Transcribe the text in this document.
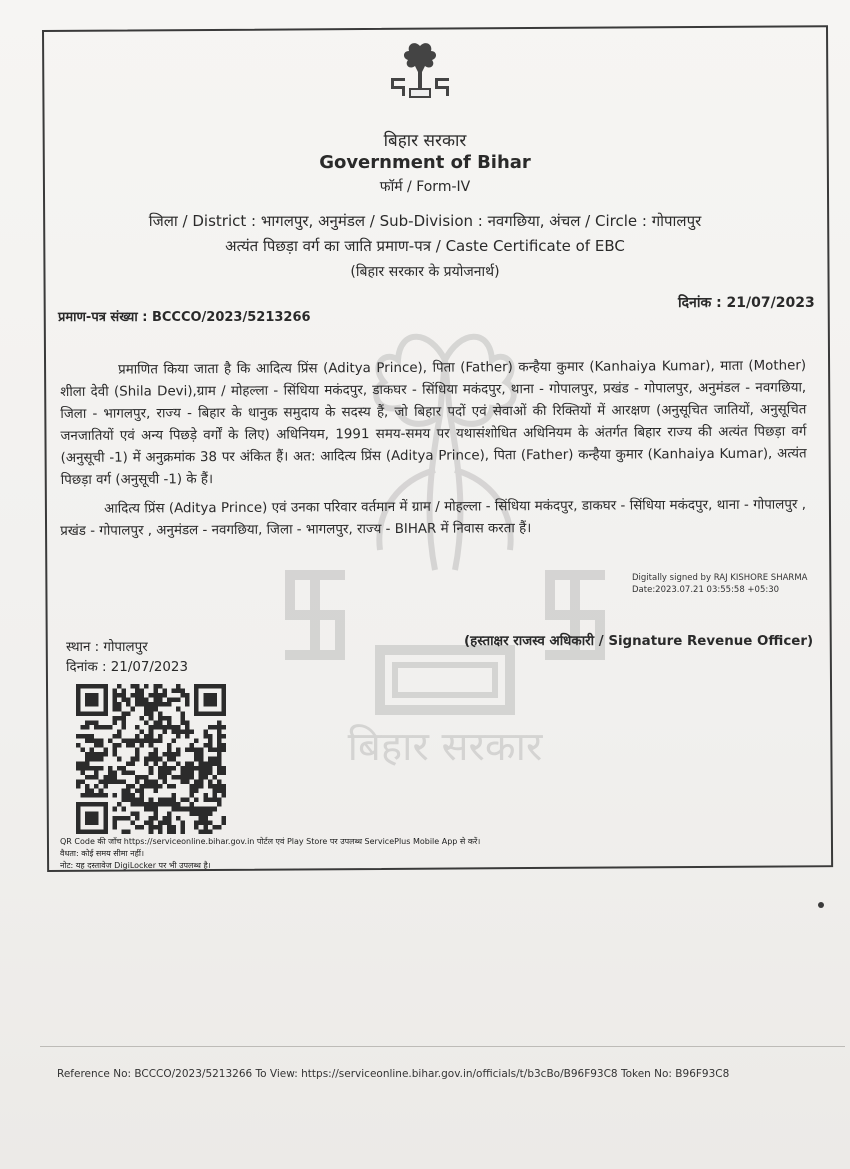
बिहार सरकार
बिहार सरकार
Government of Bihar
फॉर्म / Form-IV
जिला / District : भागलपुर, अनुमंडल / Sub-Division : नवगछिया, अंचल / Circle : गोपालपुर
अत्यंत पिछड़ा वर्ग का जाति प्रमाण-पत्र / Caste Certificate of EBC
(बिहार सरकार के प्रयोजनार्थ)
दिनांक : 21/07/2023
प्रमाण-पत्र संख्या : BCCCO/2023/5213266
प्रमाणित किया जाता है कि आदित्य प्रिंस (Aditya Prince), पिता (Father) कन्हैया कुमार (Kanhaiya Kumar), माता (Mother) शीला देवी (Shila Devi),ग्राम / मोहल्ला - सिंधिया मकंदपुर, डाकघर - सिंधिया मकंदपुर, थाना - गोपालपुर, प्रखंड - गोपालपुर, अनुमंडल - नवगछिया, जिला - भागलपुर, राज्य - बिहार के धानुक समुदाय के सदस्य हैं, जो बिहार पदों एवं सेवाओं की रिक्तियों में आरक्षण (अनुसूचित जातियों, अनुसूचित जनजातियों एवं अन्य पिछड़े वर्गों के लिए) अधिनियम, 1991 समय-समय पर यथासंशोधित अधिनियम के अंतर्गत बिहार राज्य की अत्यंत पिछड़ा वर्ग (अनुसूची -1) में अनुक्रमांक 38 पर अंकित हैं। अत: आदित्य प्रिंस (Aditya Prince), पिता (Father) कन्हैया कुमार (Kanhaiya Kumar), अत्यंत पिछड़ा वर्ग (अनुसूची -1) के हैं।
आदित्य प्रिंस (Aditya Prince) एवं उनका परिवार वर्तमान में ग्राम / मोहल्ला - सिंधिया मकंदपुर, डाकघर - सिंधिया मकंदपुर, थाना - गोपालपुर , प्रखंड - गोपालपुर , अनुमंडल - नवगछिया, जिला - भागलपुर, राज्य - BIHAR में निवास करता हैं।
Digitally signed by RAJ KISHORE SHARMA
Date:2023.07.21 03:55:58 +05:30
(हस्ताक्षर राजस्व अधिकारी / Signature Revenue Officer)
स्थान : गोपालपुर
दिनांक : 21/07/2023
QR Code की जाँच https://serviceonline.bihar.gov.in पोर्टल एवं Play Store पर उपलब्ध ServicePlus Mobile App से करें।
वैधता: कोई समय सीमा नहीं।
नोट: यह दस्तावेज DigiLocker पर भी उपलब्ध है।
Reference No: BCCCO/2023/5213266 To View: https://serviceonline.bihar.gov.in/officials/t/b3cBo/B96F93C8 Token No: B96F93C8
